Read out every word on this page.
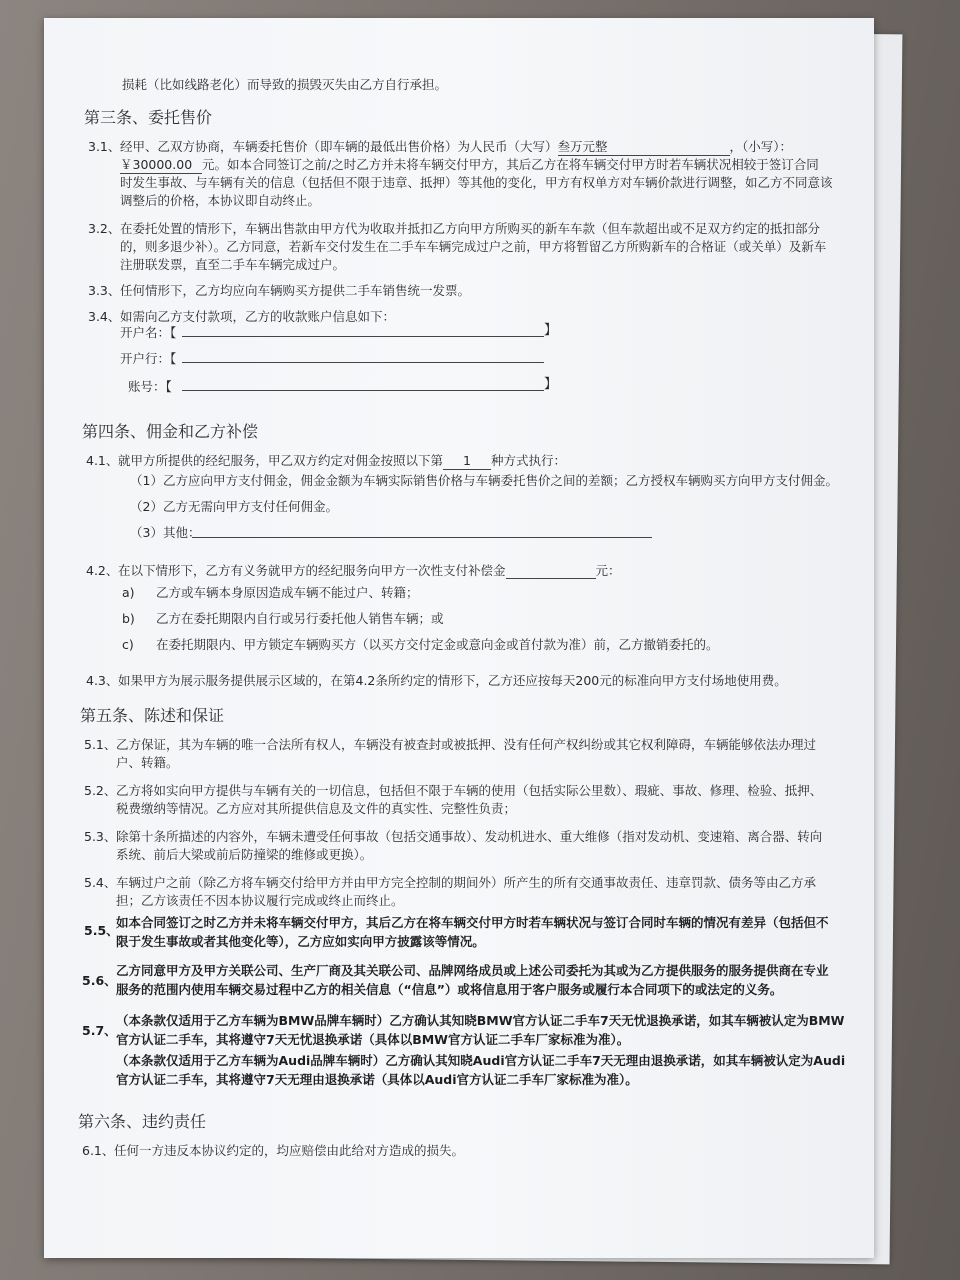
损耗（比如线路老化）而导致的损毁灭失由乙方自行承担。
第三条、委托售价
3.1、 经甲、乙双方协商，车辆委托售价（即车辆的最低出售价格）为人民币（大写）叁万元整	，（小写）：
￥30000.00 元。如本合同签订之前/之时乙方并未将车辆交付甲方，其后乙方在将车辆交付甲方时若车辆状况相较于签订合同
时发生事故、与车辆有关的信息（包括但不限于违章、抵押）等其他的变化，甲方有权单方对车辆价款进行调整，如乙方不同意该
调整后的价格，本协议即自动终止。
3.2、 在委托处置的情形下，车辆出售款由甲方代为收取并抵扣乙方向甲方所购买的新车车款（但车款超出或不足双方约定的抵扣部分
的，则多退少补）。乙方同意，若新车交付发生在二手车车辆完成过户之前，甲方将暂留乙方所购新车的合格证（或关单）及新车
注册联发票，直至二手车车辆完成过户。
3.3、 任何情形下，乙方均应向车辆购买方提供二手车销售统一发票。
3.4、 如需向乙方支付款项，乙方的收款账户信息如下：
开户名：【	】
开户行：【
账号：【	】
第四条、佣金和乙方补偿
4.1、 就甲方所提供的经纪服务，甲乙双方约定对佣金按照以下第 1 种方式执行：
（1）乙方应向甲方支付佣金，佣金金额为车辆实际销售价格与车辆委托售价之间的差额；乙方授权车辆购买方向甲方支付佣金。
（2）乙方无需向甲方支付任何佣金。
（3）其他：
4.2、 在以下情形下，乙方有义务就甲方的经纪服务向甲方一次性支付补偿金	元：
a) 乙方或车辆本身原因造成车辆不能过户、转籍；
b) 乙方在委托期限内自行或另行委托他人销售车辆；或
c) 在委托期限内、甲方锁定车辆购买方（以买方交付定金或意向金或首付款为准）前，乙方撤销委托的。
4.3、 如果甲方为展示服务提供展示区域的，在第4.2条所约定的情形下，乙方还应按每天200元的标准向甲方支付场地使用费。
第五条、陈述和保证
5.1、 乙方保证，其为车辆的唯一合法所有权人，车辆没有被查封或被抵押、没有任何产权纠纷或其它权利障碍，车辆能够依法办理过
户、转籍。
5.2、 乙方将如实向甲方提供与车辆有关的一切信息，包括但不限于车辆的使用（包括实际公里数）、瑕疵、事故、修理、检验、抵押、
税费缴纳等情况。乙方应对其所提供信息及文件的真实性、完整性负责；
5.3、 除第十条所描述的内容外，车辆未遭受任何事故（包括交通事故）、发动机进水、重大维修（指对发动机、变速箱、离合器、转向
系统、前后大梁或前后防撞梁的维修或更换）。
5.4、 车辆过户之前（除乙方将车辆交付给甲方并由甲方完全控制的期间外）所产生的所有交通事故责任、违章罚款、债务等由乙方承
担；乙方该责任不因本协议履行完成或终止而终止。
5.5、
如本合同签订之时乙方并未将车辆交付甲方，其后乙方在将车辆交付甲方时若车辆状况与签订合同时车辆的情况有差异（包括但不
限于发生事故或者其他变化等），乙方应如实向甲方披露该等情况。
5.6、
乙方同意甲方及甲方关联公司、生产厂商及其关联公司、品牌网络成员或上述公司委托为其或为乙方提供服务的服务提供商在专业
服务的范围内使用车辆交易过程中乙方的相关信息（“信息”）或将信息用于客户服务或履行本合同项下的或法定的义务。
5.7、
（本条款仅适用于乙方车辆为BMW品牌车辆时）乙方确认其知晓BMW官方认证二手车7天无忧退换承诺，如其车辆被认定为BMW
官方认证二手车，其将遵守7天无忧退换承诺（具体以BMW官方认证二手车厂家标准为准）。
（本条款仅适用于乙方车辆为Audi品牌车辆时）乙方确认其知晓Audi官方认证二手车7天无理由退换承诺，如其车辆被认定为Audi
官方认证二手车，其将遵守7天无理由退换承诺（具体以Audi官方认证二手车厂家标准为准）。
第六条、违约责任
6.1、 任何一方违反本协议约定的，均应赔偿由此给对方造成的损失。
